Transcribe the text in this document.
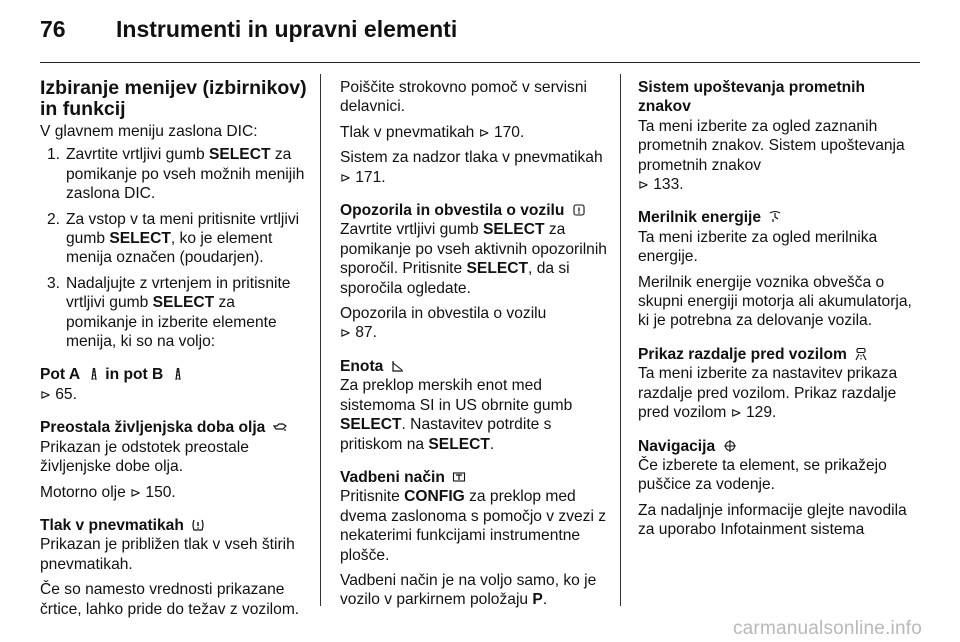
76 Instrumenti in upravni elementi
Izbiranje menijev (izbirnikov) in funkcij
V glavnem meniju zaslona DIC:
1. Zavrtite vrtljivi gumb SELECT za pomikanje po vseh možnih menijih zaslona DIC.
2. Za vstop v ta meni pritisnite vrtljivi gumb SELECT, ko je element menija označen (poudarjen).
3. Nadaljujte z vrtenjem in pritisnite vrtljivi gumb SELECT za pomikanje in izberite elemente menija, ki so na voljo:
Pot A in pot B
⊳ 65.
Preostala življenjska doba olja
Prikazan je odstotek preostale življenjske dobe olja.
Motorno olje ⊳ 150.
Tlak v pnevmatikah
Prikazan je približen tlak v vseh štirih pnevmatikah.
Če so namesto vrednosti prikazane črtice, lahko pride do težav z vozilom.
Poiščite strokovno pomoč v servisni delavnici.
Tlak v pnevmatikah ⊳ 170.
Sistem za nadzor tlaka v pnevmatikah ⊳ 171.
Opozorila in obvestila o vozilu
Zavrtite vrtljivi gumb SELECT za pomikanje po vseh aktivnih opozorilnih sporočil. Pritisnite SELECT, da si sporočila ogledate.
Opozorila in obvestila o vozilu
⊳ 87.
Enota
Za preklop merskih enot med sistemoma SI in US obrnite gumb SELECT. Nastavitev potrdite s pritiskom na SELECT.
Vadbeni način
Pritisnite CONFIG za preklop med dvema zaslonoma s pomočjo v zvezi z nekaterimi funkcijami instrumentne plošče.
Vadbeni način je na voljo samo, ko je vozilo v parkirnem položaju P.
Sistem upoštevanja prometnih znakov
Ta meni izberite za ogled zaznanih prometnih znakov. Sistem upoštevanja prometnih znakov
⊳ 133.
Merilnik energije
Ta meni izberite za ogled merilnika energije.
Merilnik energije voznika obvešča o skupni energiji motorja ali akumulatorja, ki je potrebna za delovanje vozila.
Prikaz razdalje pred vozilom
Ta meni izberite za nastavitev prikaza razdalje pred vozilom. Prikaz razdalje pred vozilom ⊳ 129.
Navigacija
Če izberete ta element, se prikažejo puščice za vodenje.
Za nadaljnje informacije glejte navodila za uporabo Infotainment sistema
carmanualsonline.info
